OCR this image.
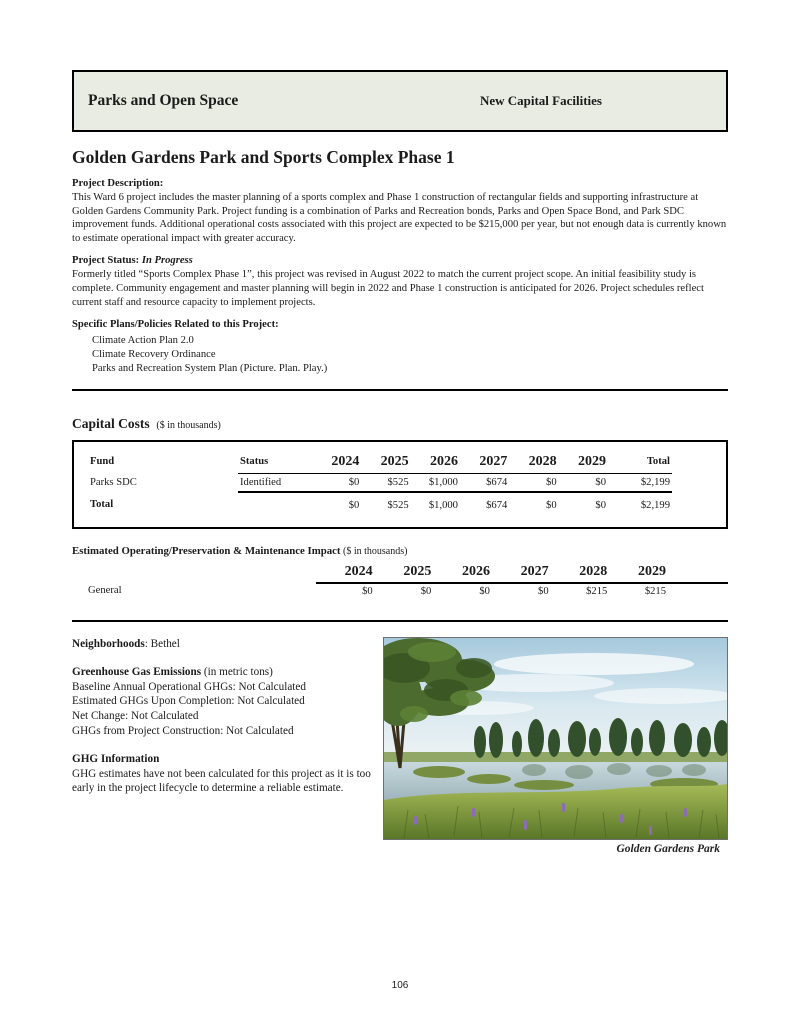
Parks and Open Space	New Capital Facilities
Golden Gardens Park and Sports Complex Phase 1
Project Description:
This Ward 6 project includes the master planning of a sports complex and Phase 1 construction of rectangular fields and supporting infrastructure at Golden Gardens Community Park. Project funding is a combination of Parks and Recreation bonds, Parks and Open Space Bond, and Park SDC improvement funds. Additional operational costs associated with this project are expected to be $215,000 per year, but not enough data is currently known to estimate operational impact with greater accuracy.
Project Status: In Progress
Formerly titled “Sports Complex Phase 1”, this project was revised in August 2022 to match the current project scope. An initial feasibility study is complete. Community engagement and master planning will begin in 2022 and Phase 1 construction is anticipated for 2026. Project schedules reflect current staff and resource capacity to implement projects.
Specific Plans/Policies Related to this Project:
Climate Action Plan 2.0
Climate Recovery Ordinance
Parks and Recreation System Plan (Picture. Plan. Play.)
Capital Costs ($ in thousands)
Fund	Status	2024	2025	2026	2027	2028	2029	Total
Parks SDC	Identified	$0	$525	$1,000	$674	$0	$0	$2,199
Total		$0	$525	$1,000	$674	$0	$0	$2,199
Estimated Operating/Preservation & Maintenance Impact ($ in thousands)
	2024	2025	2026	2027	2028	2029	
General	$0	$0	$0	$0	$215	$215	
Neighborhoods: Bethel
Greenhouse Gas Emissions (in metric tons)
Baseline Annual Operational GHGs: Not Calculated
Estimated GHGs Upon Completion: Not Calculated
Net Change: Not Calculated
GHGs from Project Construction: Not Calculated
GHG Information
GHG estimates have not been calculated for this project as it is too early in the project lifecycle to determine a reliable estimate.
Golden Gardens Park
106
